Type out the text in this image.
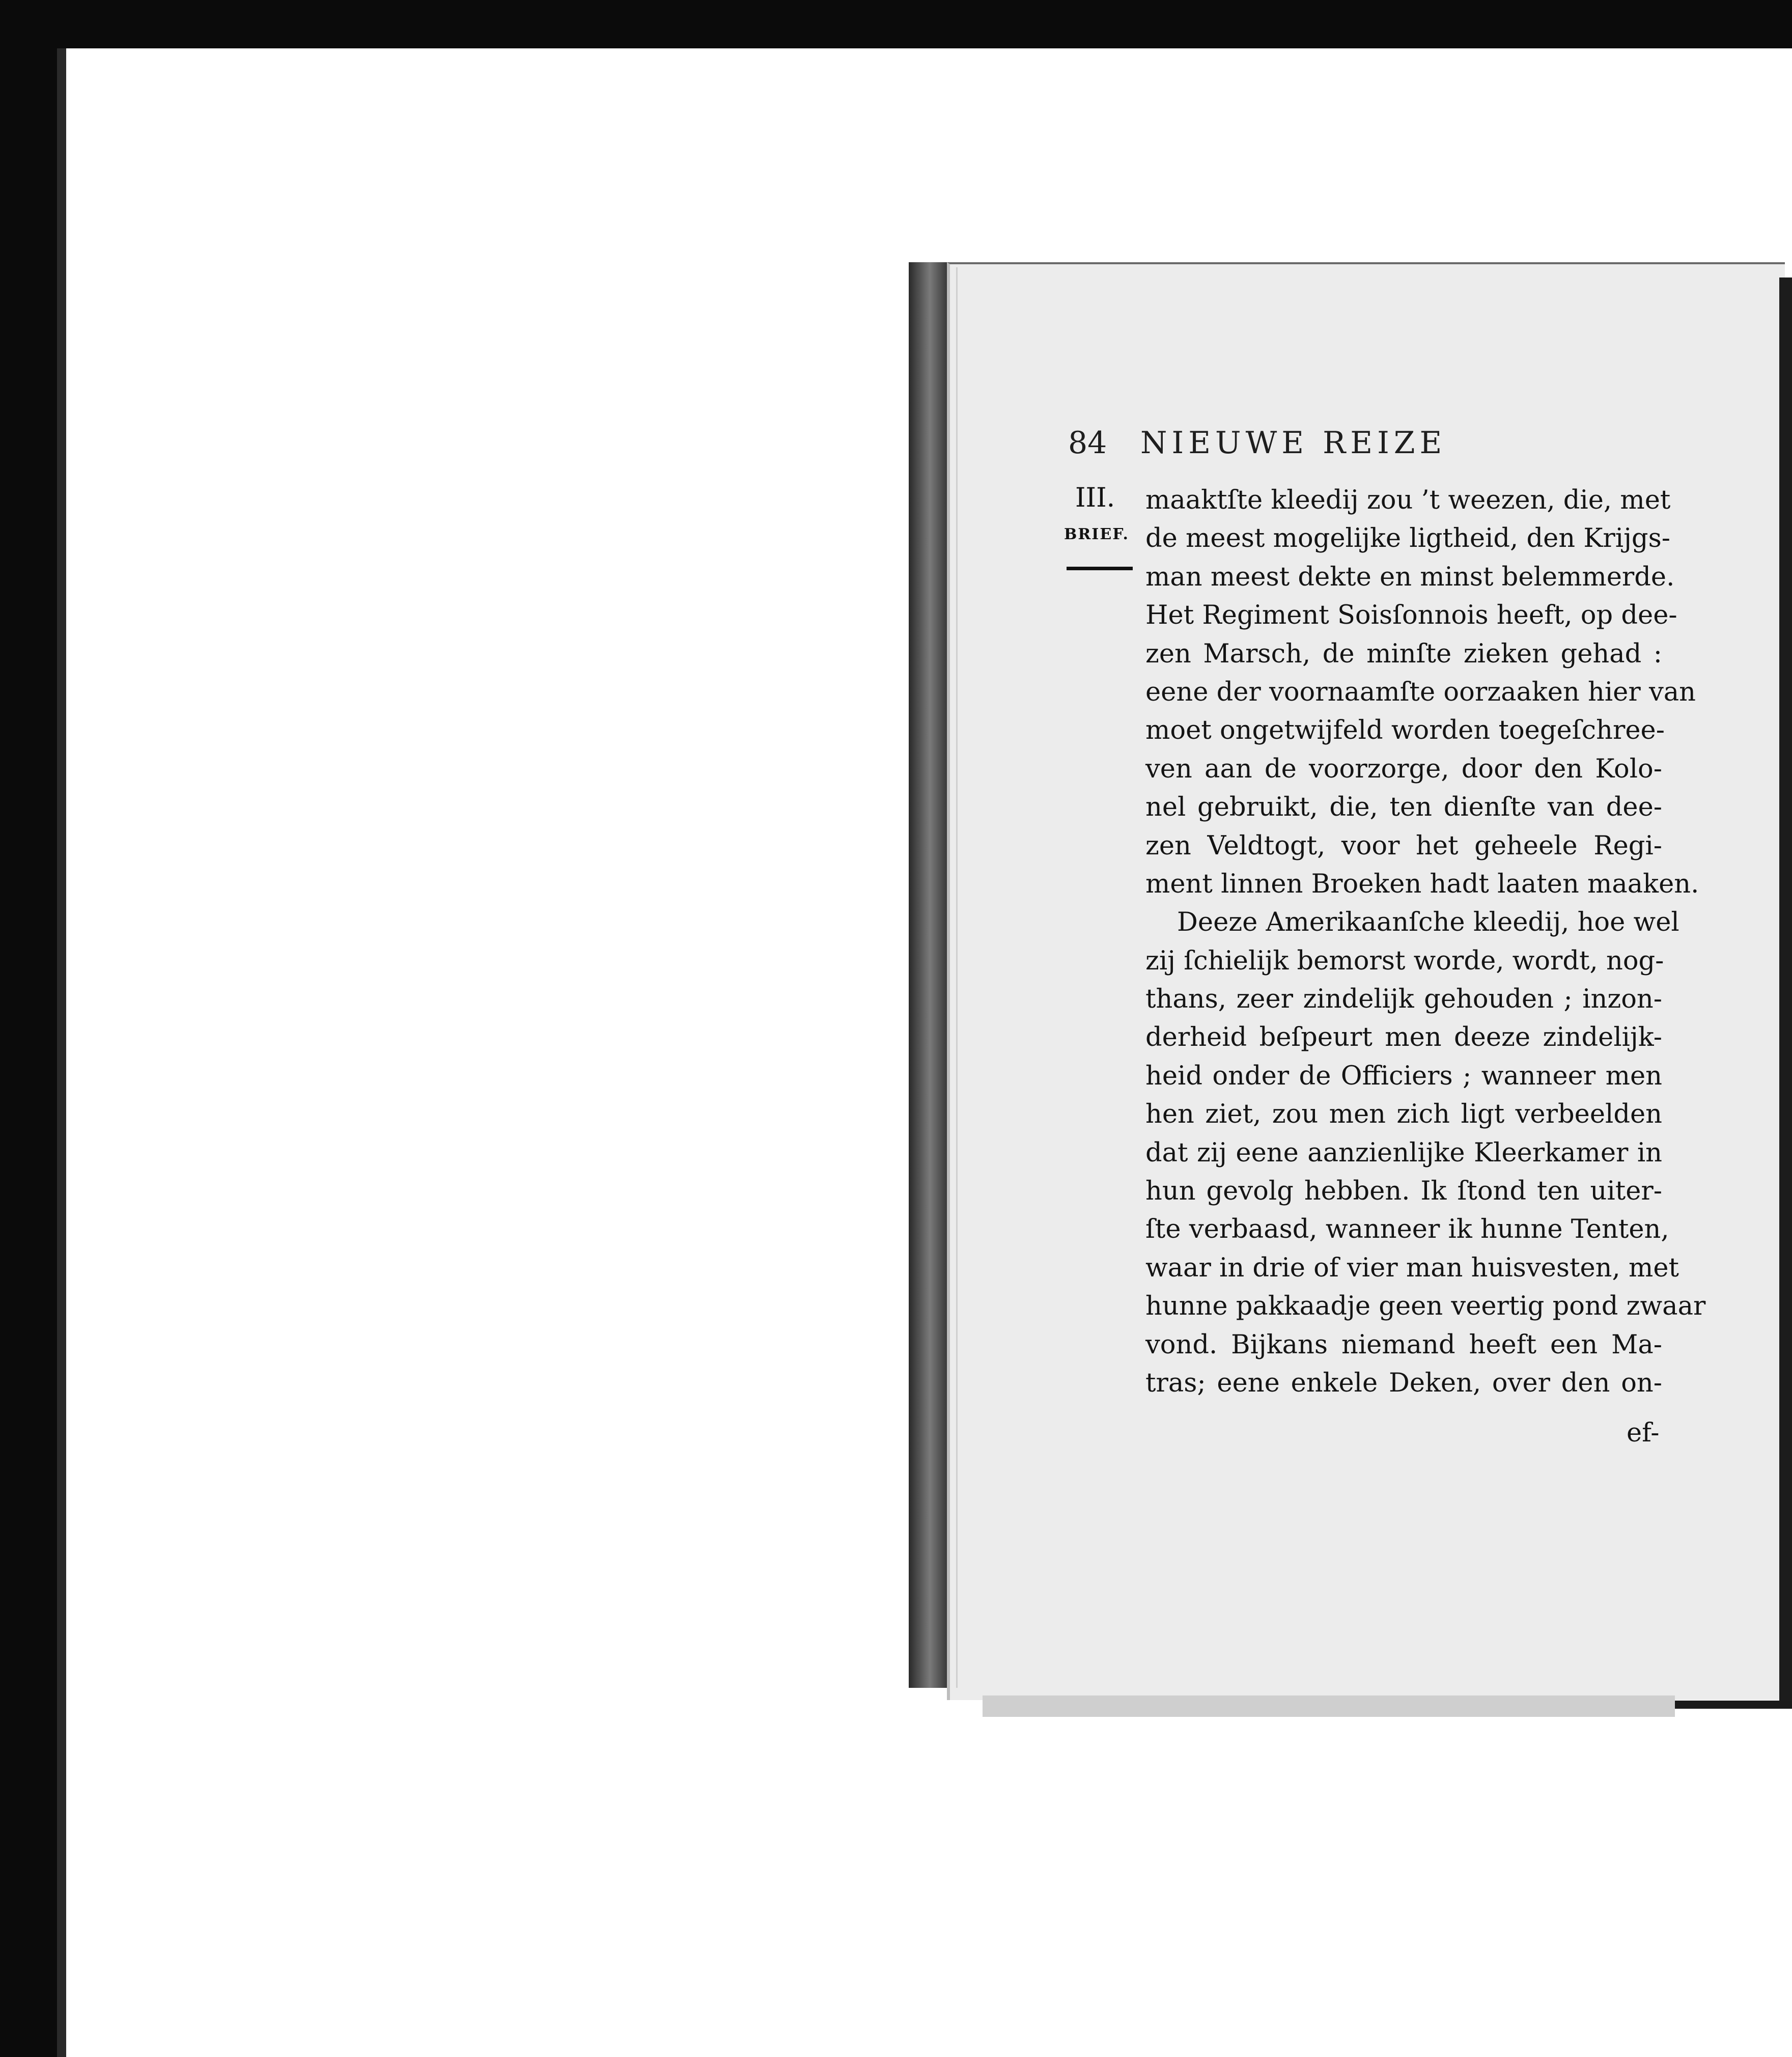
84 NIEUWE REIZE
III.
BRIEF.
maaktſte kleedij zou ’t weezen, die, met
de meest mogelijke ligtheid, den Krijgs-
man meest dekte en minst belemmerde.
Het Regiment Soisſonnois heeft, op dee-
zen Marsch, de minſte zieken gehad :
eene der voornaamſte oorzaaken hier van
moet ongetwijfeld worden toegeſchree-
ven aan de voorzorge, door den Kolo-
nel gebruikt, die, ten dienſte van dee-
zen Veldtogt, voor het geheele Regi-
ment linnen Broeken hadt laaten maaken.
Deeze Amerikaanſche kleedij, hoe wel
zij ſchielijk bemorst worde, wordt, nog-
thans, zeer zindelijk gehouden ; inzon-
derheid beſpeurt men deeze zindelijk-
heid onder de Officiers ; wanneer men
hen ziet, zou men zich ligt verbeelden
dat zij eene aanzienlijke Kleerkamer in
hun gevolg hebben. Ik ſtond ten uiter-
ſte verbaasd, wanneer ik hunne Tenten,
waar in drie of vier man huisvesten, met
hunne pakkaadje geen veertig pond zwaar
vond. Bijkans niemand heeft een Ma-
tras; eene enkele Deken, over den on-
ef-
